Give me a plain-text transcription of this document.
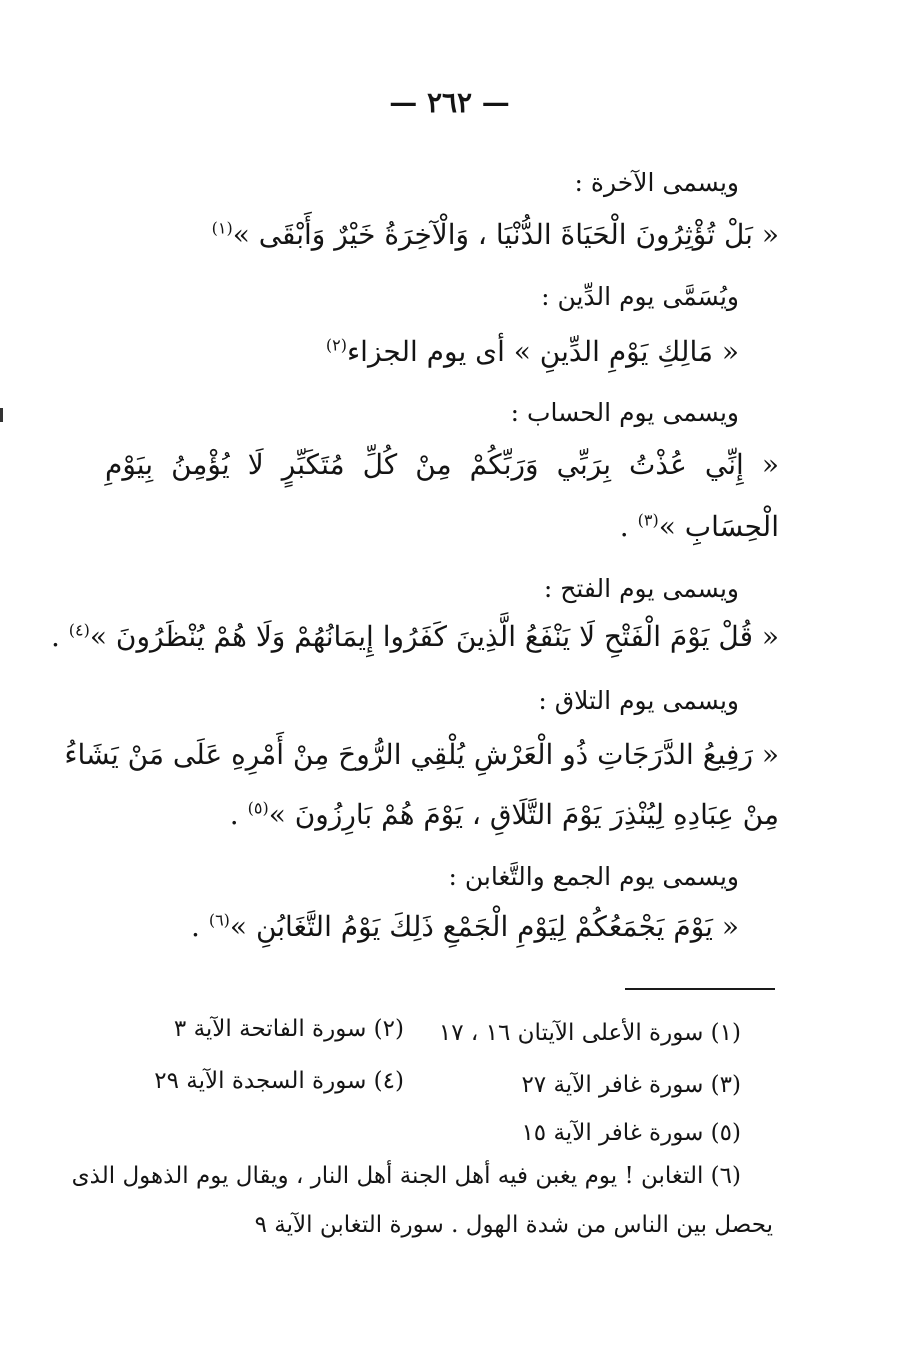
— ٢٦٢ —
ويسمى الآخرة :
« بَلْ تُؤْثِرُونَ الْحَيَاةَ الدُّنْيَا ، وَالْآخِرَةُ خَيْرٌ وَأَبْقَى »$^{(١)}$
ويُسَمَّى يوم الدِّين :
« مَالِكِ يَوْمِ الدِّينِ » أى يوم الجزاء$^{(٢)}$
ويسمى يوم الحساب :
« إِنِّي عُذْتُ بِرَبِّي وَرَبِّكُمْ مِنْ كُلِّ مُتَكَبِّرٍ لَا يُؤْمِنُ بِيَوْمِ
الْحِسَابِ »$^{(٣)}$ .
ويسمى يوم الفتح :
« قُلْ يَوْمَ الْفَتْحِ لَا يَنْفَعُ الَّذِينَ كَفَرُوا إِيمَانُهُمْ وَلَا هُمْ يُنْظَرُونَ »$^{(٤)}$ .
ويسمى يوم التلاق :
« رَفِيعُ الدَّرَجَاتِ ذُو الْعَرْشِ يُلْقِي الرُّوحَ مِنْ أَمْرِهِ عَلَى مَنْ يَشَاءُ
مِنْ عِبَادِهِ لِيُنْذِرَ يَوْمَ التَّلَاقِ ، يَوْمَ هُمْ بَارِزُونَ »$^{(٥)}$ .
ويسمى يوم الجمع والتَّغابن :
« يَوْمَ يَجْمَعُكُمْ لِيَوْمِ الْجَمْعِ ذَلِكَ يَوْمُ التَّغَابُنِ »$^{(٦)}$ .
(١) سورة الأعلى الآيتان ١٦ ، ١٧
(٢) سورة الفاتحة الآية ٣
(٣) سورة غافر الآية ٢٧
(٤) سورة السجدة الآية ٢٩
(٥) سورة غافر الآية ١٥
(٦) التغابن ! يوم يغبن فيه أهل الجنة أهل النار ، ويقال يوم الذهول الذى
يحصل بين الناس من شدة الهول . سورة التغابن الآية ٩
